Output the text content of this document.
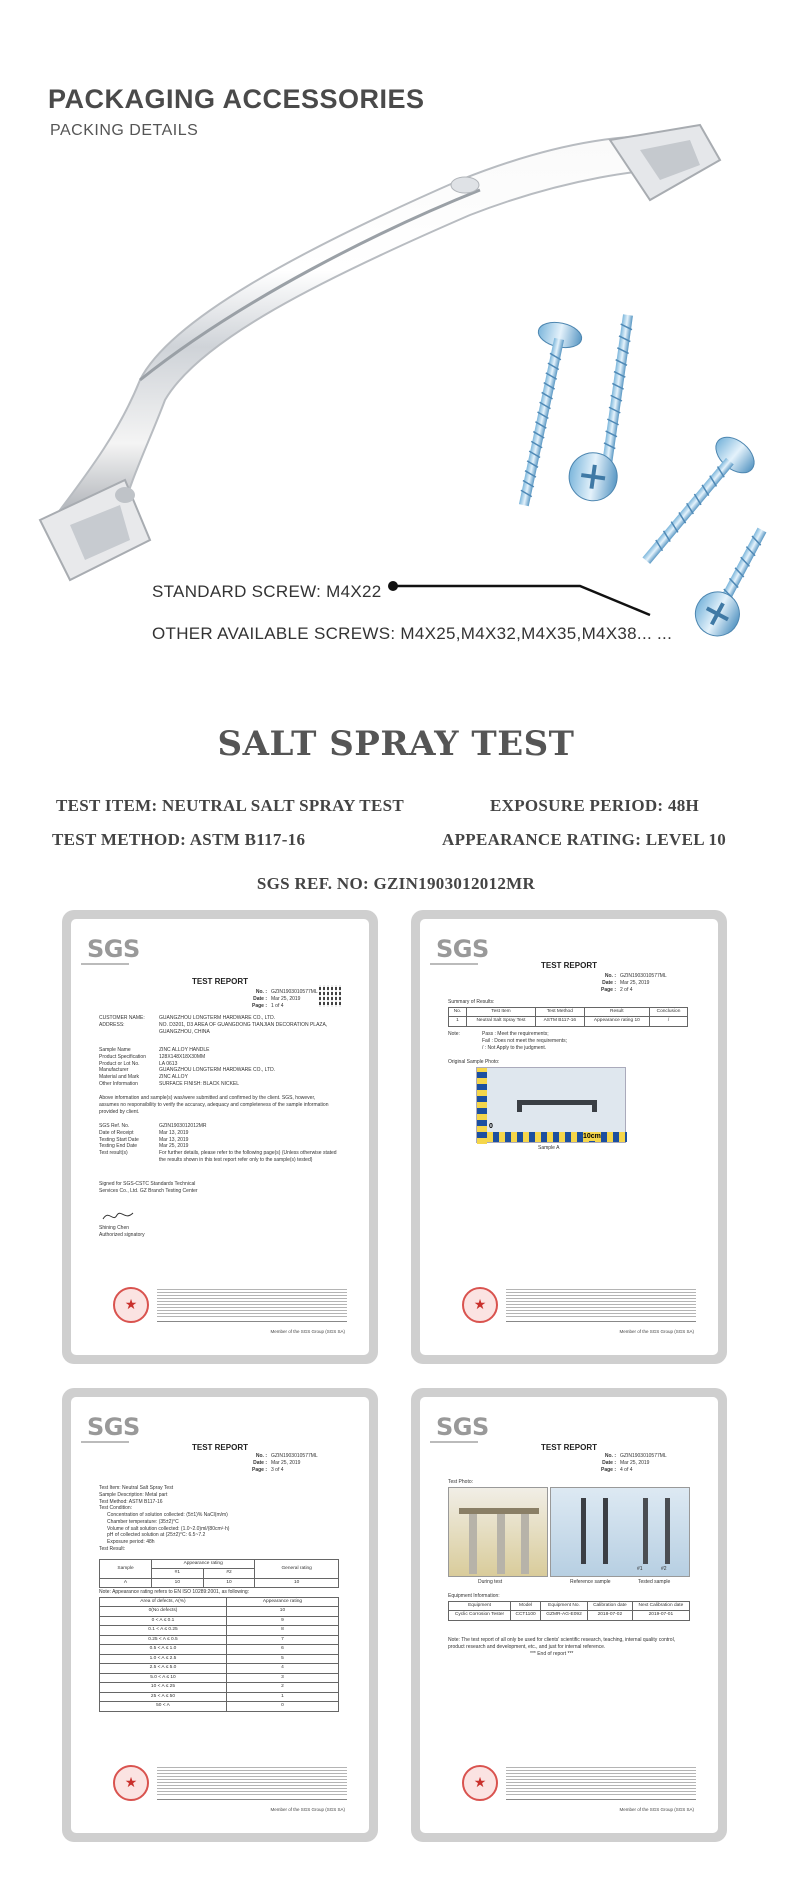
PACKAGING ACCESSORIES
PACKING DETAILS
STANDARD SCREW: M4X22
OTHER AVAILABLE SCREWS: M4X25,M4X32,M4X35,M4X38... ...
SALT SPRAY TEST
TEST ITEM: NEUTRAL SALT SPRAY TEST	EXPOSURE PERIOD: 48H
TEST METHOD: ASTM B117-16	APPEARANCE RATING: LEVEL 10
SGS REF. NO: GZIN1903012012MR
SGS
TEST REPORT
No. : GZIN1903010577ML
Date : Mar 25, 2019
Page : 1 of 4
CUSTOMER NAME:	GUANGZHOU LONGTERM HARDWARE CO., LTD.
ADDRESS:	NO. D3201, D3 AREA OF GUANGDONG TIANJIAN DECORATION PLAZA, GUANGZHOU, CHINA
Sample Name	ZINC ALLOY HANDLE
Product Specification	128X148X18X30MM
Product or Lot No.	LA 0613
Manufacturer	GUANGZHOU LONGTERM HARDWARE CO., LTD.
Material and Mark	ZINC ALLOY
Other Information	SURFACE FINISH: BLACK NICKEL
Above information and sample(s) was/were submitted and confirmed by the client. SGS, however, assumes no responsibility to verify the accuracy, adequacy and completeness of the sample information provided by client.
SGS Ref. No.	GZIN1903012012MR
Date of Receipt	Mar 13, 2019
Testing Start Date	Mar 13, 2019
Testing End Date	Mar 25, 2019
Test result(s)	For further details, please refer to the following page(s) (Unless otherwise stated the results shown in this test report refer only to the sample(s) tested)
Signed for SGS-CSTC Standards Technical Services Co., Ltd. GZ Branch Testing Center
Shining Chen
Authorized signatory
★
Member of the SGS Group (SGS SA)
SGS
TEST REPORT
No. : GZIN1903010577ML
Date : Mar 25, 2019
Page : 2 of 4
Summary of Results:
No.	Test Item	Test Method	Result	Conclusion
1	Neutral Salt Spray Test	ASTM B117-16	Appearance rating 10	/
Note:	Pass : Meet the requirements;
Fail : Does not meet the requirements;
/ : Not Apply to the judgment.
Original Sample Photo:
0
10cm
Sample A
★
Member of the SGS Group (SGS SA)
SGS
TEST REPORT
No. : GZIN1903010577ML
Date : Mar 25, 2019
Page : 3 of 4
Test Item: Neutral Salt Spray Test
Sample Description: Metal part
Test Method: ASTM B117-16
Test Condition:
Concentration of solution collected: (5±1)% NaCl(m/m)
Chamber temperature: (35±2)°C
Volume of salt solution collected: (1.0~2.0)ml/(80cm²·h)
pH of collected solution at (25±2)°C: 6.5~7.2
Exposure period: 48h
Test Result:
Sample	Appearance rating		General rating
	#1	#2	
A	10	10	10
Note: Appearance rating refers to EN ISO 10289:2001, as following:
Area of defects, A(%)	Appearance rating
0(No defects)	10
0 < A ≤ 0.1	9
0.1 < A ≤ 0.25	8
0.25 < A ≤ 0.5	7
0.5 < A ≤ 1.0	6
1.0 < A ≤ 2.5	5
2.5 < A ≤ 5.0	4
5.0 < A ≤ 10	3
10 < A ≤ 25	2
25 < A ≤ 50	1
50 < A	0
★
Member of the SGS Group (SGS SA)
SGS
TEST REPORT
No. : GZIN1903010577ML
Date : Mar 25, 2019
Page : 4 of 4
Test Photo:
#1	#2
During test	Reference sample	Tested sample
Equipment Information:
Equipment	Model	Equipment No.	Calibration date	Next Calibration date
Cyclic Corrosion Tester	CCT1100	GZMR-AG-E092	2018-07-02	2019-07-01
Note: The test report of all only be used for clients' scientific research, teaching, internal quality control, product research and development, etc., and just for internal reference.
*** End of report ***
★
Member of the SGS Group (SGS SA)
